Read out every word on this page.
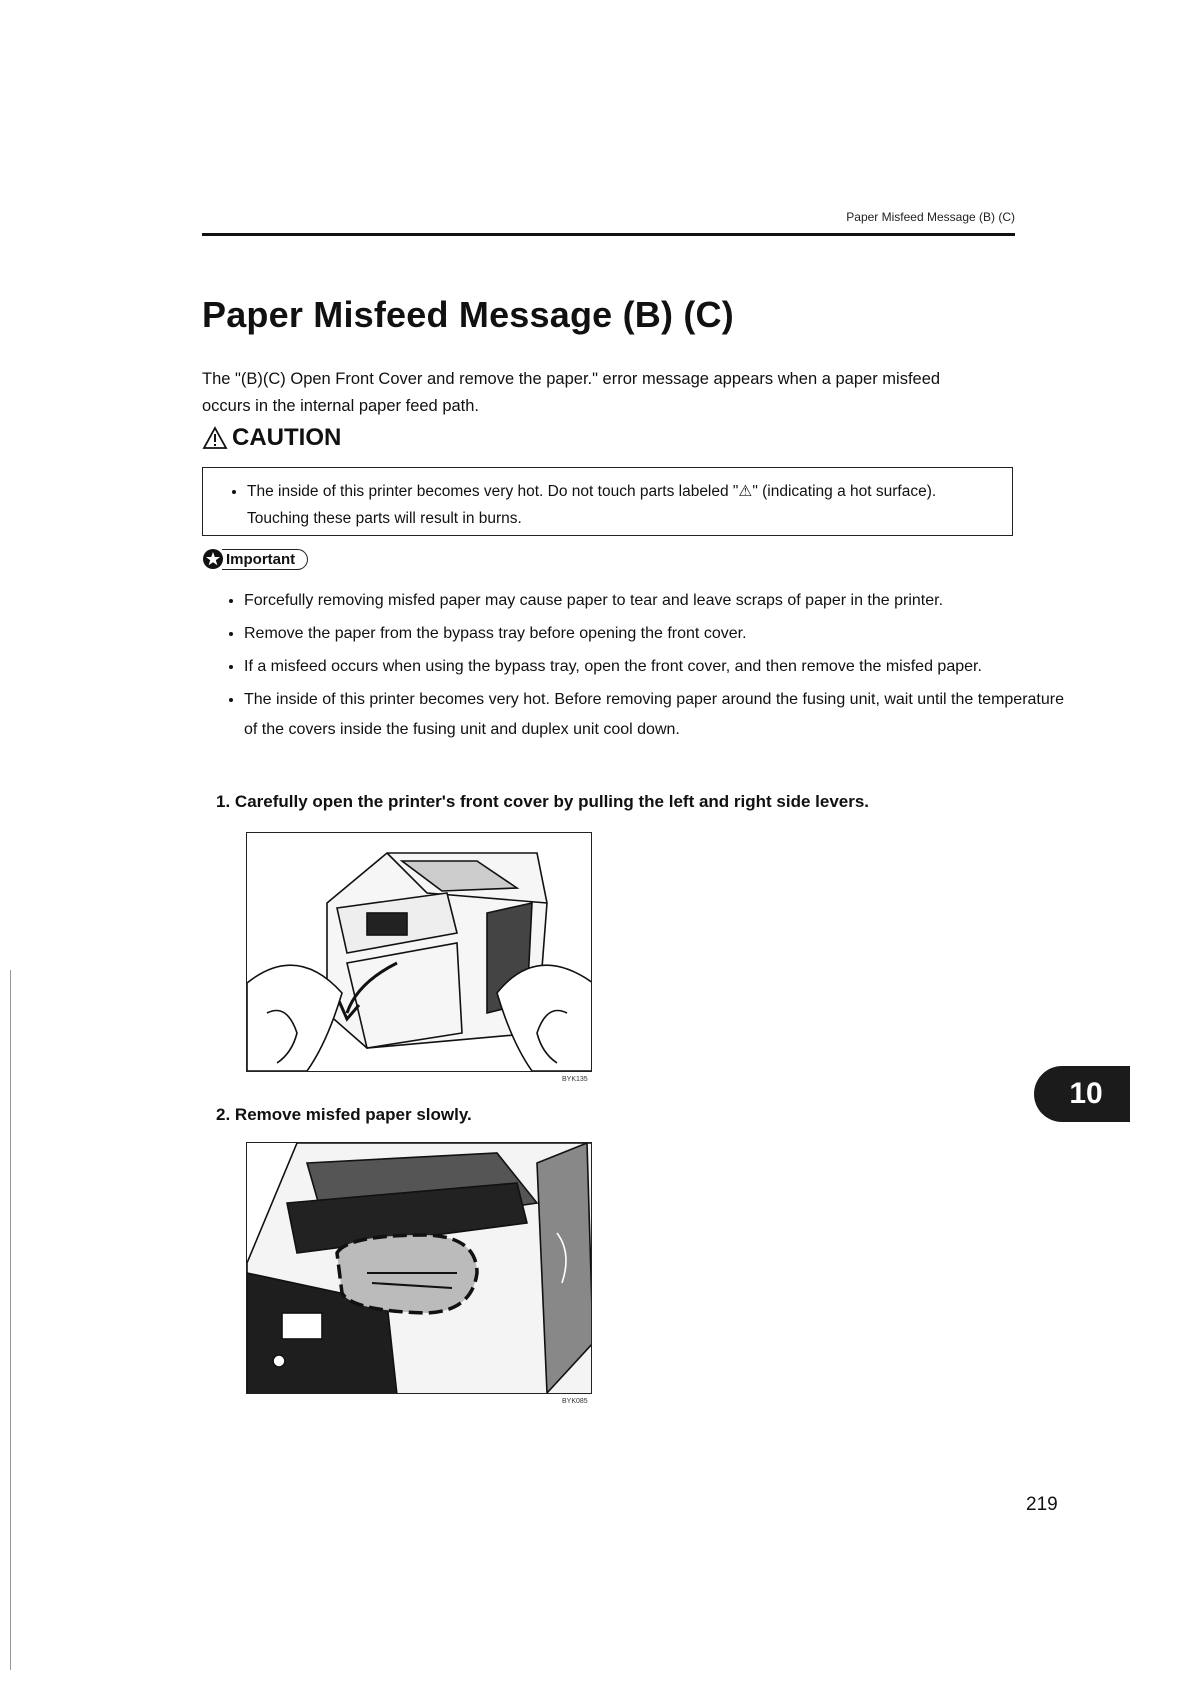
Paper Misfeed Message (B) (C)
Paper Misfeed Message (B) (C)
The "(B)(C) Open Front Cover and remove the paper." error message appears when a paper misfeed
occurs in the internal paper feed path.
CAUTION
• The inside of this printer becomes very hot. Do not touch parts labeled "⚠" (indicating a hot surface). Touching these parts will result in burns.
Important
• Forcefully removing misfed paper may cause paper to tear and leave scraps of paper in the printer.
• Remove the paper from the bypass tray before opening the front cover.
• If a misfeed occurs when using the bypass tray, open the front cover, and then remove the misfed paper.
• The inside of this printer becomes very hot. Before removing paper around the fusing unit, wait until the temperature of the covers inside the fusing unit and duplex unit cool down.
1. Carefully open the printer's front cover by pulling the left and right side levers.
BYK135
2. Remove misfed paper slowly.
BYK085
10
219
